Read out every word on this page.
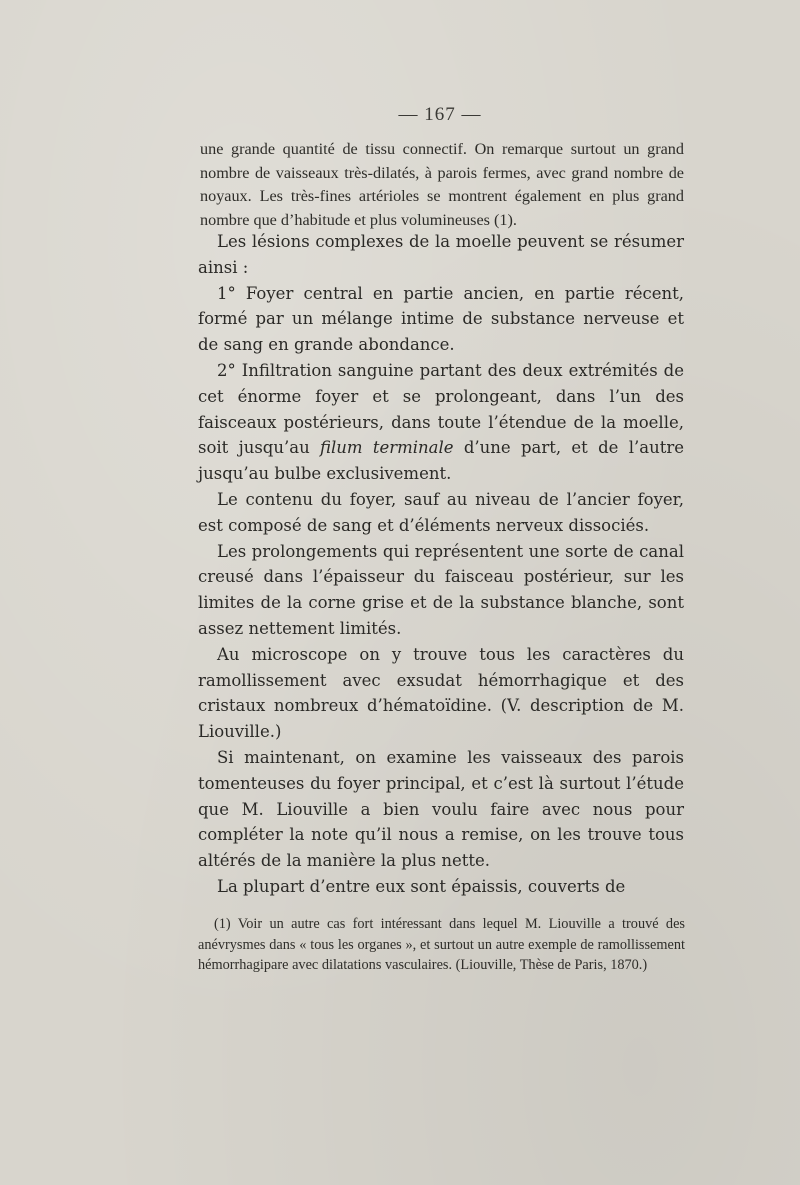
— 167 —

une grande quantité de tissu connectif. On remarque surtout un grand nombre de vaisseaux très-dilatés, à parois fermes, avec grand nombre de noyaux. Les très-fines artérioles se montrent également en plus grand nombre que d’habitude et plus volumineuses (1).

Les lésions complexes de la moelle peuvent se résumer ainsi :

1° Foyer central en partie ancien, en partie récent, formé par un mélange intime de substance nerveuse et de sang en grande abondance.

2° Infiltration sanguine partant des deux extrémités de cet énorme foyer et se prolongeant, dans l’un des faisceaux postérieurs, dans toute l’étendue de la moelle, soit jusqu’au filum terminale d’une part, et de l’autre jusqu’au bulbe exclusivement.

Le contenu du foyer, sauf au niveau de l’ancier foyer, est composé de sang et d’éléments nerveux dissociés.

Les prolongements qui représentent une sorte de canal creusé dans l’épaisseur du faisceau postérieur, sur les limites de la corne grise et de la substance blanche, sont assez nettement limités.

Au microscope on y trouve tous les caractères du ramollissement avec exsudat hémorrhagique et des cristaux nombreux d’hématoïdine. (V. description de M. Liouville.)

Si maintenant, on examine les vaisseaux des parois tomenteuses du foyer principal, et c’est là surtout l’étude que M. Liouville a bien voulu faire avec nous pour compléter la note qu’il nous a remise, on les trouve tous altérés de la manière la plus nette.

La plupart d’entre eux sont épaissis, couverts de

(1) Voir un autre cas fort intéressant dans lequel M. Liouville a trouvé des anévrysmes dans « tous les organes », et surtout un autre exemple de ramollissement hémorrhagipare avec dilatations vasculaires. (Liouville, Thèse de Paris, 1870.)
